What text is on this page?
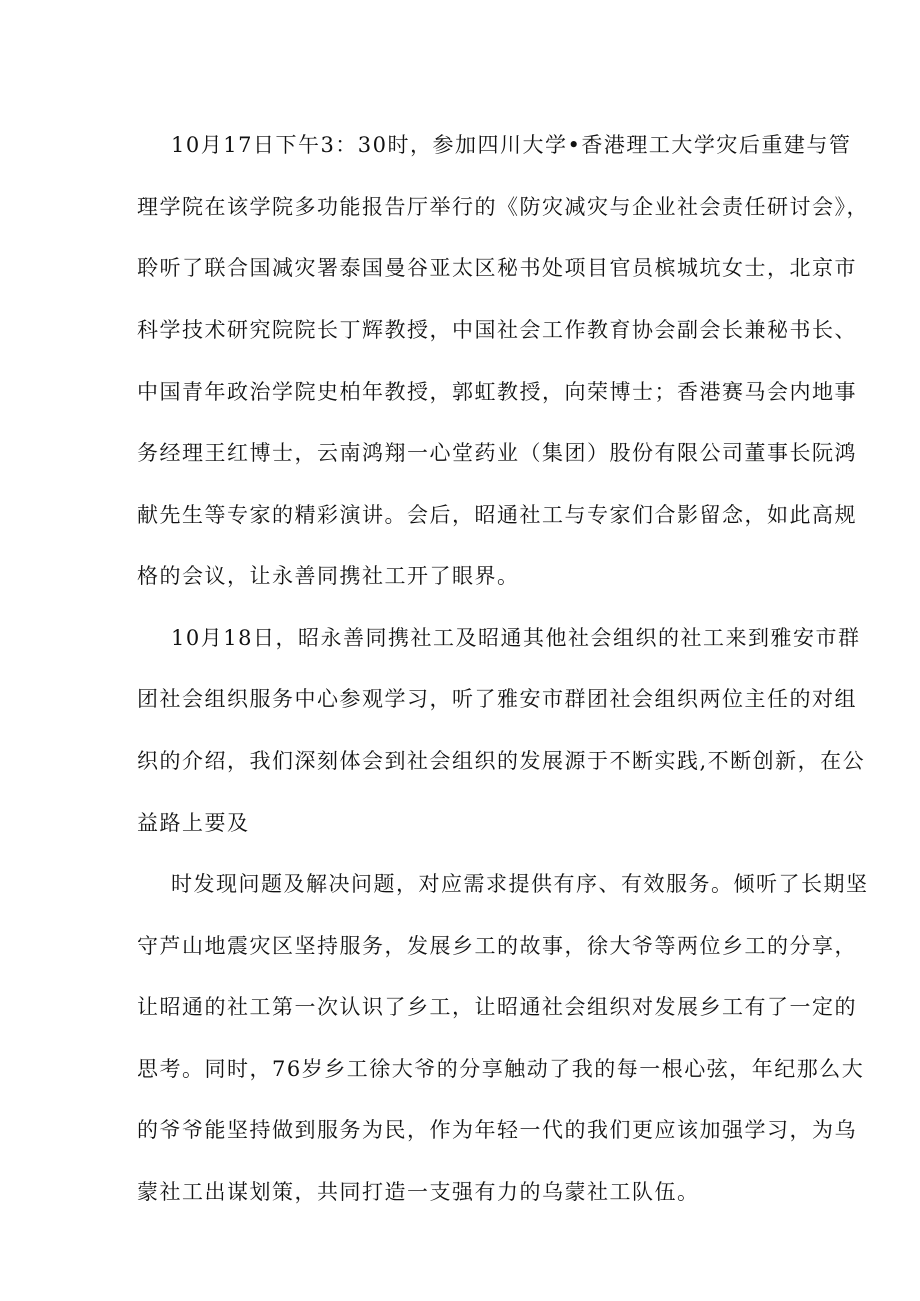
10月17日下午3：30时，参加四川大学•香港理工大学灾后重建与管
理学院在该学院多功能报告厅举行的《防灾减灾与企业社会责任研讨会》，
聆听了联合国减灾署泰国曼谷亚太区秘书处项目官员槟城坑女士，北京市
科学技术研究院院长丁辉教授，中国社会工作教育协会副会长兼秘书长、
中国青年政治学院史柏年教授，郭虹教授，向荣博士；香港赛马会内地事
务经理王红博士，云南鸿翔一心堂药业（集团）股份有限公司董事长阮鸿
献先生等专家的精彩演讲。会后，昭通社工与专家们合影留念，如此高规
格的会议，让永善同携社工开了眼界。
10月18日，昭永善同携社工及昭通其他社会组织的社工来到雅安市群
团社会组织服务中心参观学习，听了雅安市群团社会组织两位主任的对组
织的介绍，我们深刻体会到社会组织的发展源于不断实践,不断创新，在公
益路上要及
时发现问题及解决问题，对应需求提供有序、有效服务。倾听了长期坚
守芦山地震灾区坚持服务，发展乡工的故事，徐大爷等两位乡工的分享，
让昭通的社工第一次认识了乡工，让昭通社会组织对发展乡工有了一定的
思考。同时，76岁乡工徐大爷的分享触动了我的每一根心弦，年纪那么大
的爷爷能坚持做到服务为民，作为年轻一代的我们更应该加强学习，为乌
蒙社工出谋划策，共同打造一支强有力的乌蒙社工队伍。
